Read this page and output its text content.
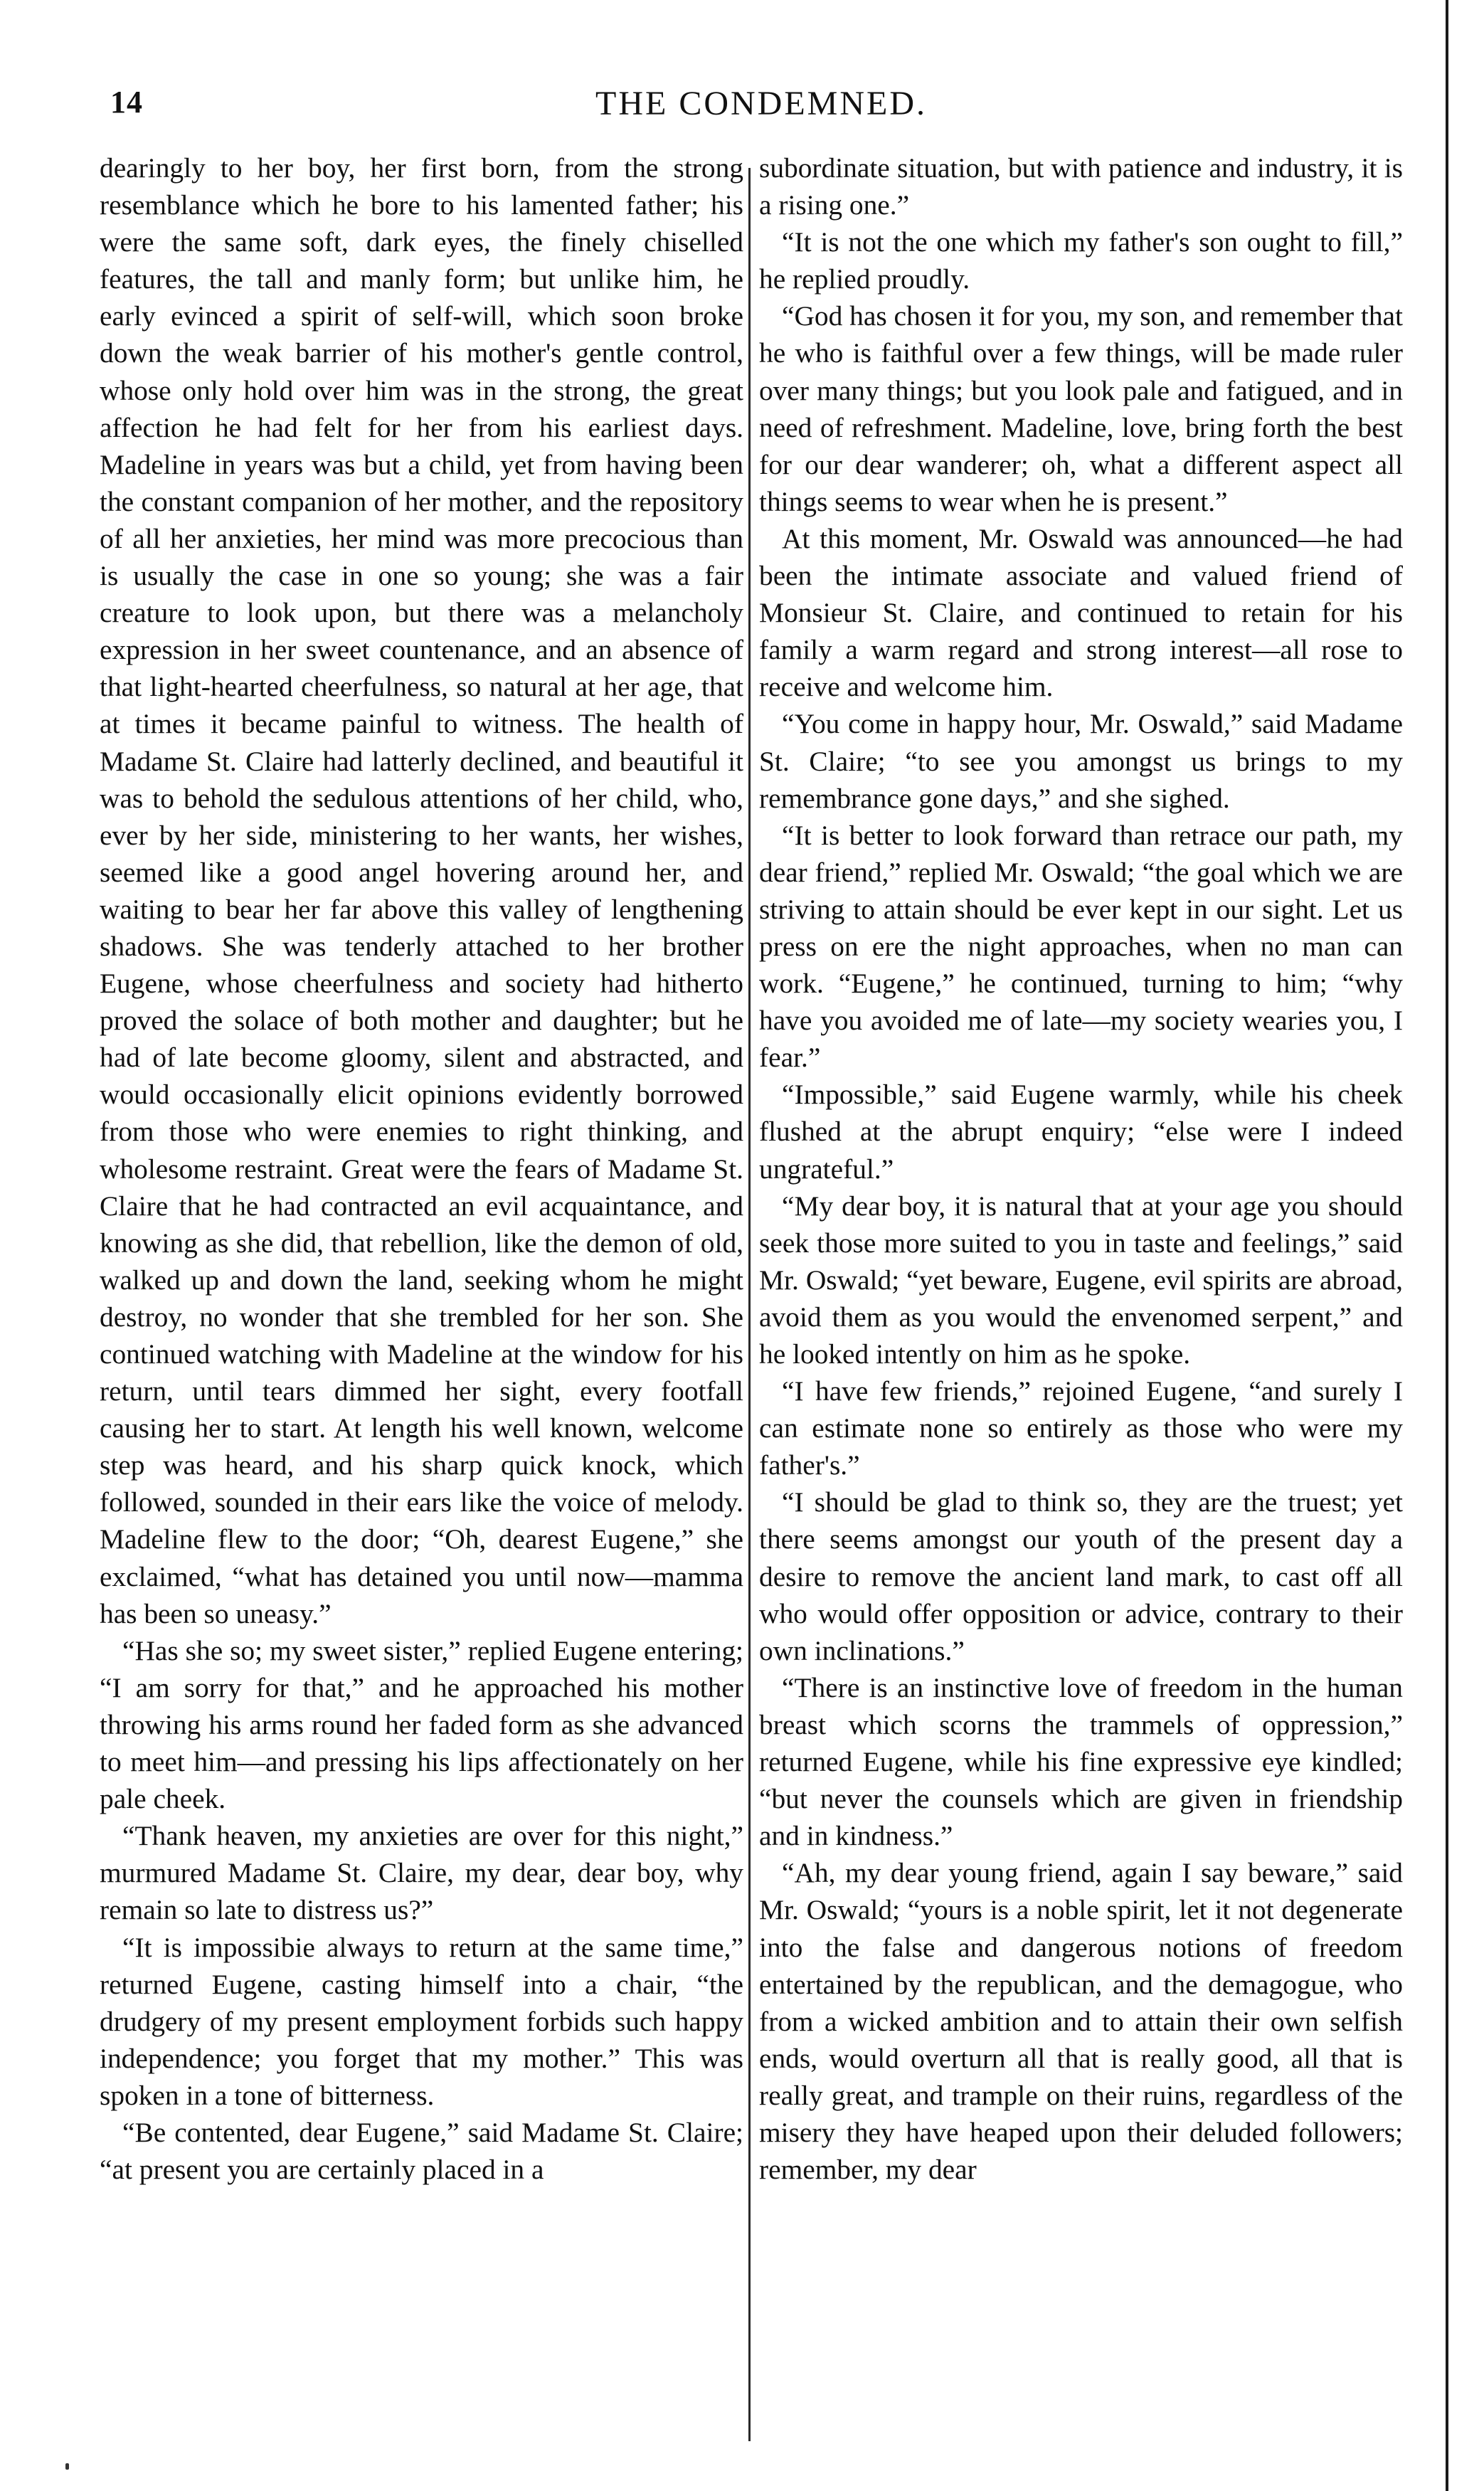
14	THE CONDEMNED.

dearingly to her boy, her first born, from the strong resemblance which he bore to his lamented father; his were the same soft, dark eyes, the finely chiselled features, the tall and manly form; but unlike him, he early evinced a spirit of self-will, which soon broke down the weak barrier of his mother's gentle control, whose only hold over him was in the strong, the great affection he had felt for her from his earliest days. Madeline in years was but a child, yet from having been the constant companion of her mother, and the repository of all her anxieties, her mind was more precocious than is usually the case in one so young; she was a fair creature to look upon, but there was a melancholy expression in her sweet countenance, and an absence of that light-hearted cheerfulness, so natural at her age, that at times it became painful to witness. The health of Madame St. Claire had latterly declined, and beautiful it was to behold the sedulous attentions of her child, who, ever by her side, ministering to her wants, her wishes, seemed like a good angel hovering around her, and waiting to bear her far above this valley of lengthening shadows. She was tenderly attached to her brother Eugene, whose cheerfulness and society had hitherto proved the solace of both mother and daughter; but he had of late become gloomy, silent and abstracted, and would occasionally elicit opinions evidently borrowed from those who were enemies to right thinking, and wholesome restraint. Great were the fears of Madame St. Claire that he had contracted an evil acquaintance, and knowing as she did, that rebellion, like the demon of old, walked up and down the land, seeking whom he might destroy, no wonder that she trembled for her son. She continued watching with Madeline at the window for his return, until tears dimmed her sight, every footfall causing her to start. At length his well known, welcome step was heard, and his sharp quick knock, which followed, sounded in their ears like the voice of melody. Madeline flew to the door; “Oh, dearest Eugene,” she exclaimed, “what has detained you until now—mamma has been so uneasy.”

“Has she so; my sweet sister,” replied Eugene entering; “I am sorry for that,” and he approached his mother throwing his arms round her faded form as she advanced to meet him—and pressing his lips affectionately on her pale cheek.

“Thank heaven, my anxieties are over for this night,” murmured Madame St. Claire, my dear, dear boy, why remain so late to distress us?”

“It is impossibie always to return at the same time,” returned Eugene, casting himself into a chair, “the drudgery of my present employment forbids such happy independence; you forget that my mother.” This was spoken in a tone of bitterness.

“Be contented, dear Eugene,” said Madame St. Claire; “at present you are certainly placed in a

subordinate situation, but with patience and industry, it is a rising one.”

“It is not the one which my father's son ought to fill,” he replied proudly.

“God has chosen it for you, my son, and remember that he who is faithful over a few things, will be made ruler over many things; but you look pale and fatigued, and in need of refreshment. Madeline, love, bring forth the best for our dear wanderer; oh, what a different aspect all things seems to wear when he is present.”

At this moment, Mr. Oswald was announced—he had been the intimate associate and valued friend of Monsieur St. Claire, and continued to retain for his family a warm regard and strong interest—all rose to receive and welcome him.

“You come in happy hour, Mr. Oswald,” said Madame St. Claire; “to see you amongst us brings to my remembrance gone days,” and she sighed.

“It is better to look forward than retrace our path, my dear friend,” replied Mr. Oswald; “the goal which we are striving to attain should be ever kept in our sight. Let us press on ere the night approaches, when no man can work. “Eugene,” he continued, turning to him; “why have you avoided me of late—my society wearies you, I fear.”

“Impossible,” said Eugene warmly, while his cheek flushed at the abrupt enquiry; “else were I indeed ungrateful.”

“My dear boy, it is natural that at your age you should seek those more suited to you in taste and feelings,” said Mr. Oswald; “yet beware, Eugene, evil spirits are abroad, avoid them as you would the envenomed serpent,” and he looked intently on him as he spoke.

“I have few friends,” rejoined Eugene, “and surely I can estimate none so entirely as those who were my father's.”

“I should be glad to think so, they are the truest; yet there seems amongst our youth of the present day a desire to remove the ancient land mark, to cast off all who would offer opposition or advice, contrary to their own inclinations.”

“There is an instinctive love of freedom in the human breast which scorns the trammels of oppression,” returned Eugene, while his fine expressive eye kindled; “but never the counsels which are given in friendship and in kindness.”

“Ah, my dear young friend, again I say beware,” said Mr. Oswald; “yours is a noble spirit, let it not degenerate into the false and dangerous notions of freedom entertained by the republican, and the demagogue, who from a wicked ambition and to attain their own selfish ends, would overturn all that is really good, all that is really great, and trample on their ruins, regardless of the misery they have heaped upon their deluded followers; remember, my dear
